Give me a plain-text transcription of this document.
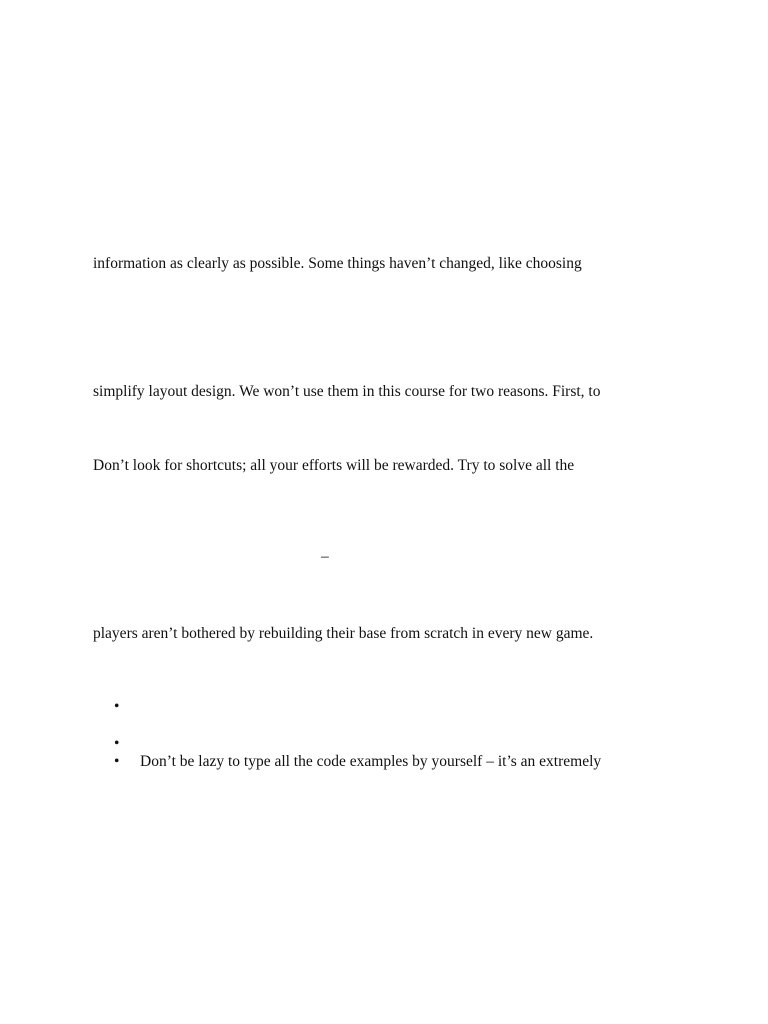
information as clearly as possible. Some things haven’t changed, like choosing
simplify layout design. We won’t use them in this course for two reasons. First, to
Don’t look for shortcuts; all your efforts will be rewarded. Try to solve all the
–
players aren’t bothered by rebuilding their base from scratch in every new game.
•
•
• Don’t be lazy to type all the code examples by yourself – it’s an extremely
